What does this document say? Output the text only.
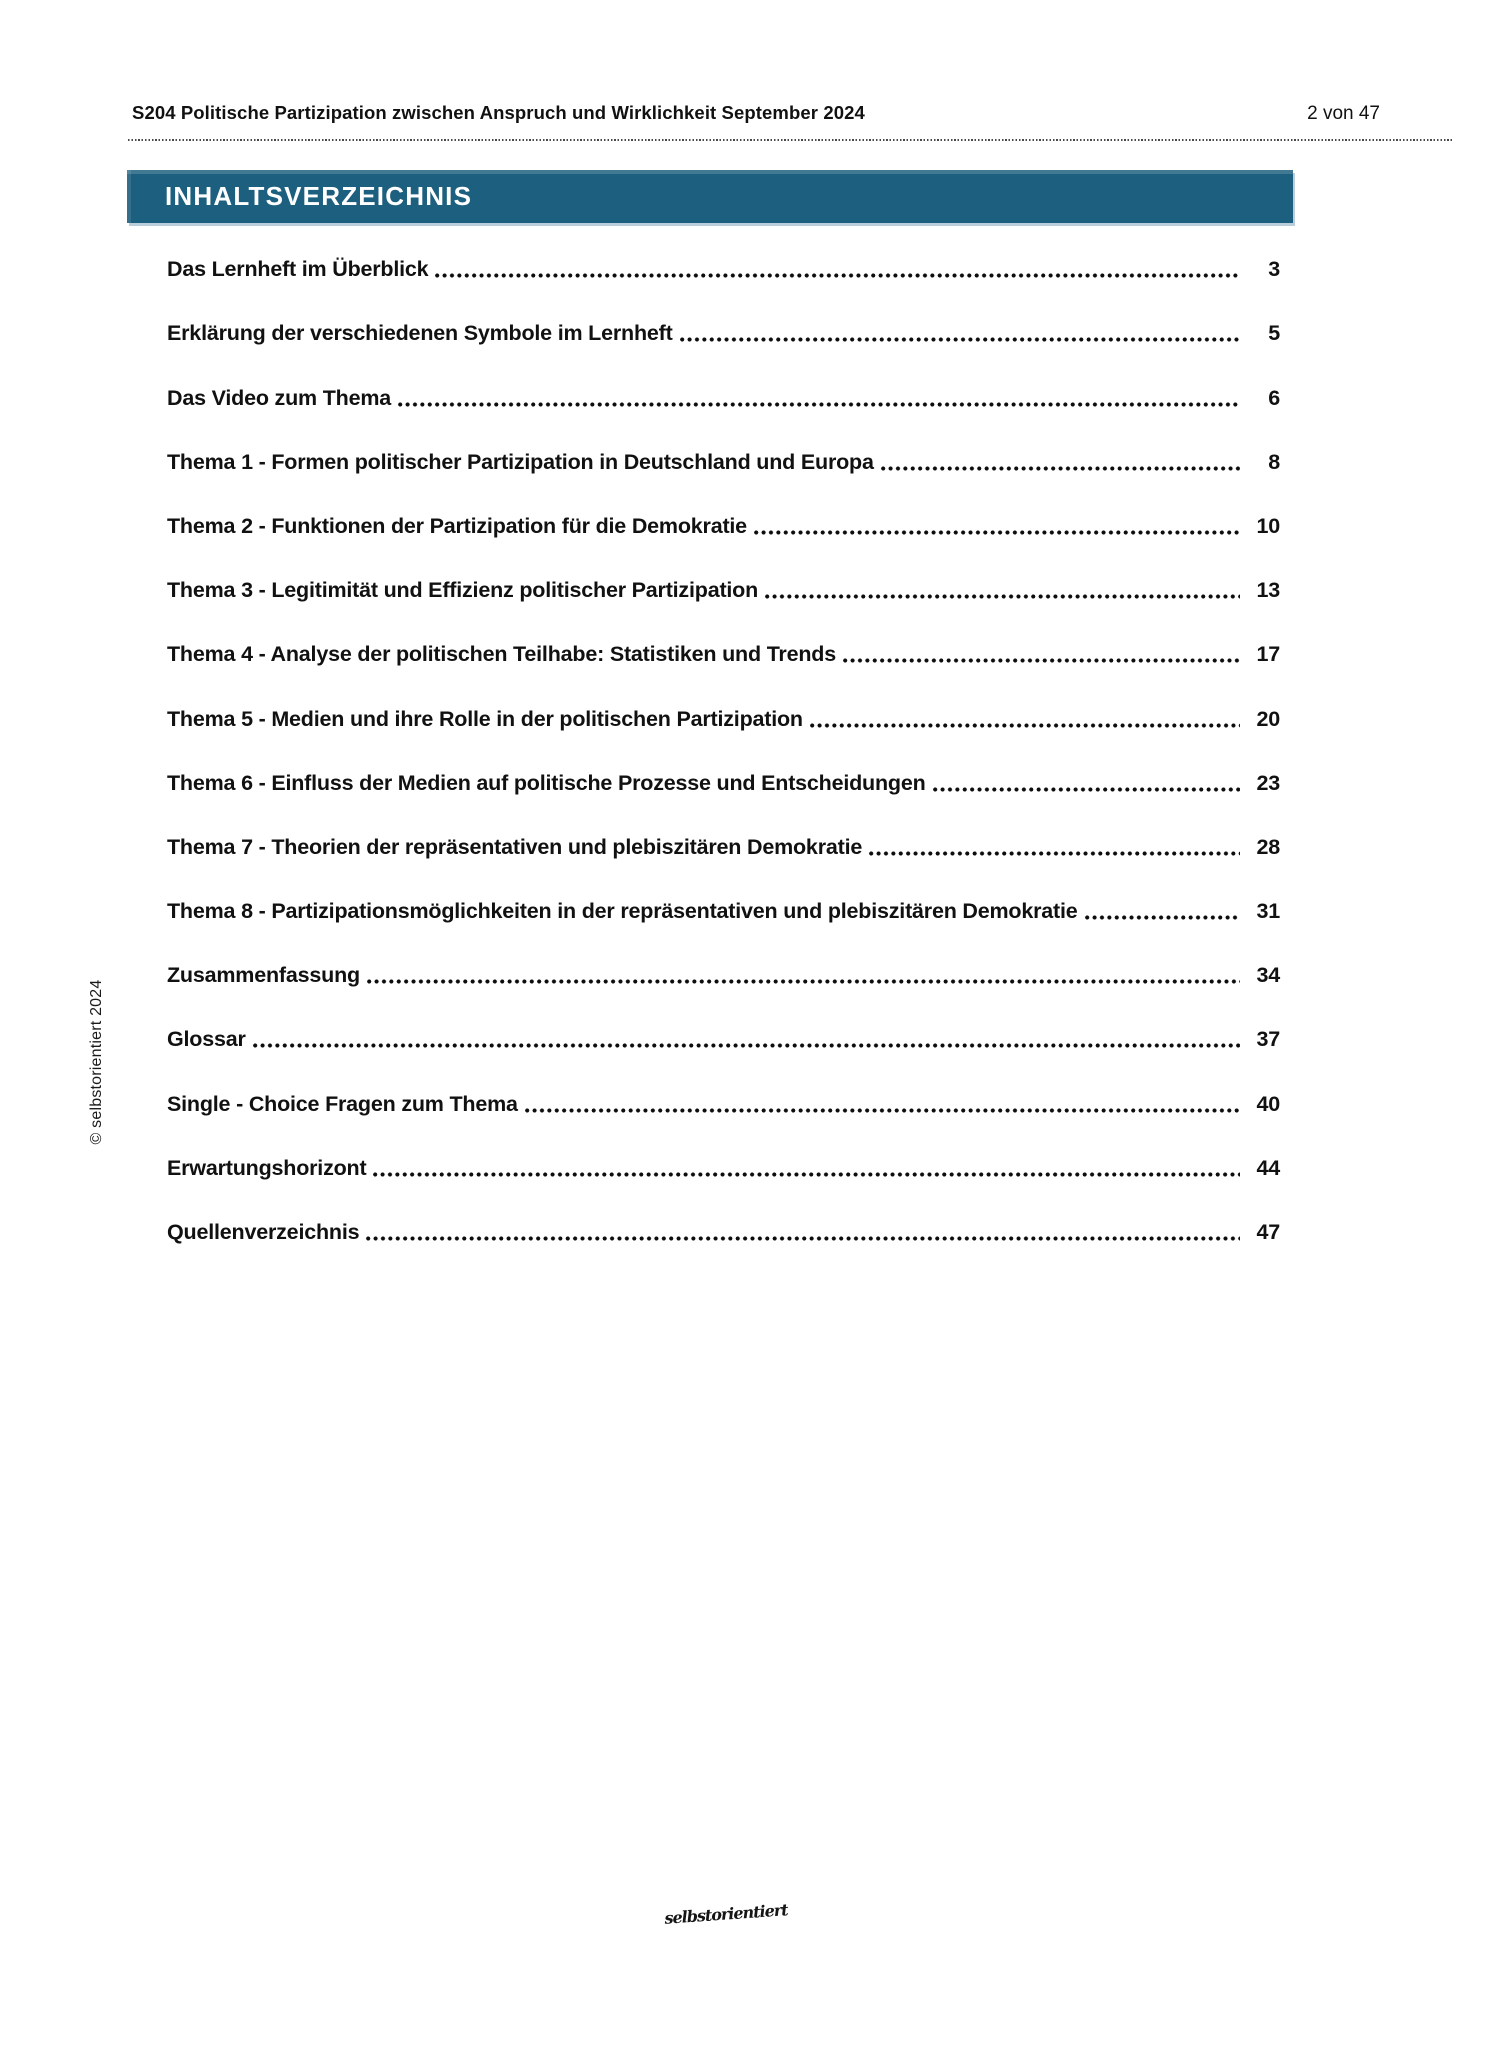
S204 Politische Partizipation zwischen Anspruch und Wirklichkeit September 2024	2 von 47
INHALTSVERZEICHNIS
Das Lernheft im Überblick	3
Erklärung der verschiedenen Symbole im Lernheft	5
Das Video zum Thema	6
Thema 1 - Formen politischer Partizipation in Deutschland und Europa	8
Thema 2 - Funktionen der Partizipation für die Demokratie	10
Thema 3 - Legitimität und Effizienz politischer Partizipation	13
Thema 4 - Analyse der politischen Teilhabe: Statistiken und Trends	17
Thema 5 - Medien und ihre Rolle in der politischen Partizipation	20
Thema 6 - Einfluss der Medien auf politische Prozesse und Entscheidungen	23
Thema 7 - Theorien der repräsentativen und plebiszitären Demokratie	28
Thema 8 - Partizipationsmöglichkeiten in der repräsentativen und plebiszitären Demokratie	31
Zusammenfassung	34
Glossar	37
Single - Choice Fragen zum Thema	40
Erwartungshorizont	44
Quellenverzeichnis	47
© selbstorientiert 2024
selbstorientiert
